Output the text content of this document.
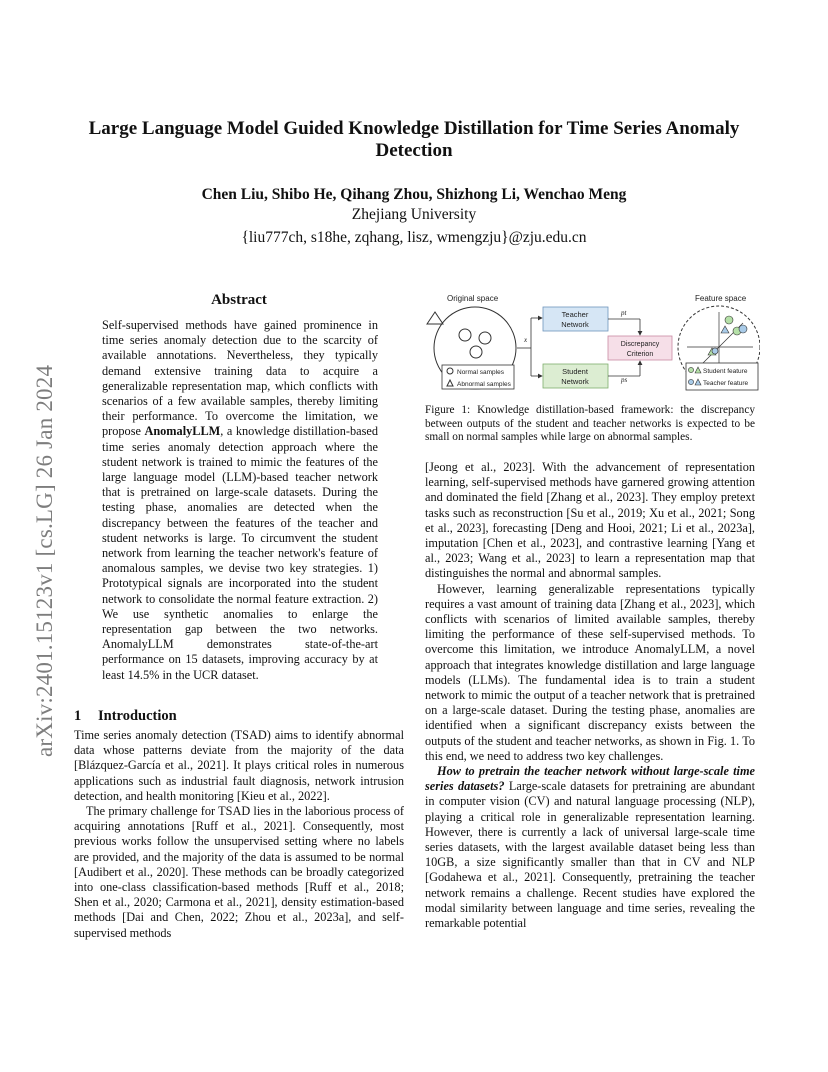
arXiv:2401.15123v1 [cs.LG] 26 Jan 2024
Large Language Model Guided Knowledge Distillation for Time Series Anomaly Detection
Chen Liu, Shibo He, Qihang Zhou, Shizhong Li, Wenchao Meng
Zhejiang University
{liu777ch, s18he, zqhang, lisz, wmengzju}@zju.edu.cn
Abstract
Self-supervised methods have gained prominence in time series anomaly detection due to the scarcity of available annotations. Nevertheless, they typically demand extensive training data to acquire a generalizable representation map, which conflicts with scenarios of a few available samples, thereby limiting their performance. To overcome the limitation, we propose AnomalyLLM, a knowledge distillation-based time series anomaly detection approach where the student network is trained to mimic the features of the large language model (LLM)-based teacher network that is pretrained on large-scale datasets. During the testing phase, anomalies are detected when the discrepancy between the features of the teacher and student networks is large. To circumvent the student network from learning the teacher network's feature of anomalous samples, we devise two key strategies. 1) Prototypical signals are incorporated into the student network to consolidate the normal feature extraction. 2) We use synthetic anomalies to enlarge the representation gap between the two networks. AnomalyLLM demonstrates state-of-the-art performance on 15 datasets, improving accuracy by at least 14.5% in the UCR dataset.
1 Introduction

Time series anomaly detection (TSAD) aims to identify abnormal data whose patterns deviate from the majority of the data [Blázquez-García et al., 2021]. It plays critical roles in numerous applications such as industrial fault diagnosis, network intrusion detection, and health monitoring [Kieu et al., 2022].

The primary challenge for TSAD lies in the laborious process of acquiring annotations [Ruff et al., 2021]. Consequently, most previous works follow the unsupervised setting where no labels are provided, and the majority of the data is assumed to be normal [Audibert et al., 2020]. These methods can be broadly categorized into one-class classification-based methods [Ruff et al., 2018; Shen et al., 2020; Carmona et al., 2021], density estimation-based methods [Dai and Chen, 2022; Zhou et al., 2023a], and self-supervised methods

Original space
Normal samples
Abnormal samples
x
Teacher
Network
Student
Network
pt
ps
Discrepancy
Criterion
Feature space
Student feature
Teacher feature
Figure 1: Knowledge distillation-based framework: the discrepancy between outputs of the student and teacher networks is expected to be small on normal samples while large on abnormal samples.

[Jeong et al., 2023]. With the advancement of representation learning, self-supervised methods have garnered growing attention and dominated the field [Zhang et al., 2023]. They employ pretext tasks such as reconstruction [Su et al., 2019; Xu et al., 2021; Song et al., 2023], forecasting [Deng and Hooi, 2021; Li et al., 2023a], imputation [Chen et al., 2023], and contrastive learning [Yang et al., 2023; Wang et al., 2023] to learn a representation map that distinguishes the normal and abnormal samples.

However, learning generalizable representations typically requires a vast amount of training data [Zhang et al., 2023], which conflicts with scenarios of limited available samples, thereby limiting the performance of these self-supervised methods. To overcome this limitation, we introduce AnomalyLLM, a novel approach that integrates knowledge distillation and large language models (LLMs). The fundamental idea is to train a student network to mimic the output of a teacher network that is pretrained on a large-scale dataset. During the testing phase, anomalies are identified when a significant discrepancy exists between the outputs of the student and teacher networks, as shown in Fig. 1. To this end, we need to address two key challenges.

How to pretrain the teacher network without large-scale time series datasets? Large-scale datasets for pretraining are abundant in computer vision (CV) and natural language processing (NLP), playing a critical role in generalizable representation learning. However, there is currently a lack of universal large-scale time series datasets, with the largest available dataset being less than 10GB, a size significantly smaller than that in CV and NLP [Godahewa et al., 2021]. Consequently, pretraining the teacher network remains a challenge. Recent studies have explored the modal similarity between language and time series, revealing the remarkable potential
